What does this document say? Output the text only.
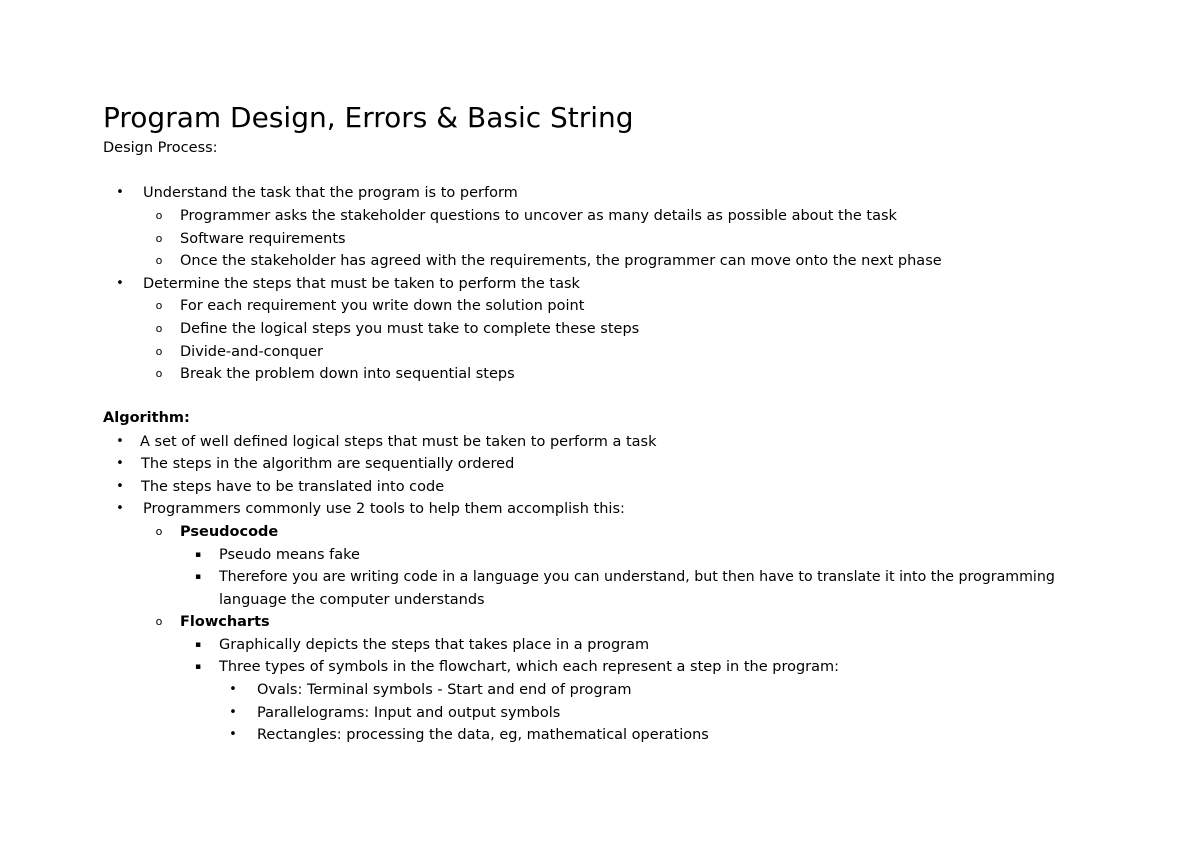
Program Design, Errors & Basic String
Design Process:
• Understand the task that the program is to perform
o Programmer asks the stakeholder questions to uncover as many details as possible about the task
o Software requirements
o Once the stakeholder has agreed with the requirements, the programmer can move onto the next phase
• Determine the steps that must be taken to perform the task
o For each requirement you write down the solution point
o Define the logical steps you must take to complete these steps
o Divide-and-conquer
o Break the problem down into sequential steps
Algorithm:
• A set of well defined logical steps that must be taken to perform a task
• The steps in the algorithm are sequentially ordered
• The steps have to be translated into code
• Programmers commonly use 2 tools to help them accomplish this:
o Pseudocode
▪ Pseudo means fake
▪ Therefore you are writing code in a language you can understand, but then have to translate it into the programming
language the computer understands
o Flowcharts
▪ Graphically depicts the steps that takes place in a program
▪ Three types of symbols in the flowchart, which each represent a step in the program:
• Ovals: Terminal symbols - Start and end of program
• Parallelograms: Input and output symbols
• Rectangles: processing the data, eg, mathematical operations
